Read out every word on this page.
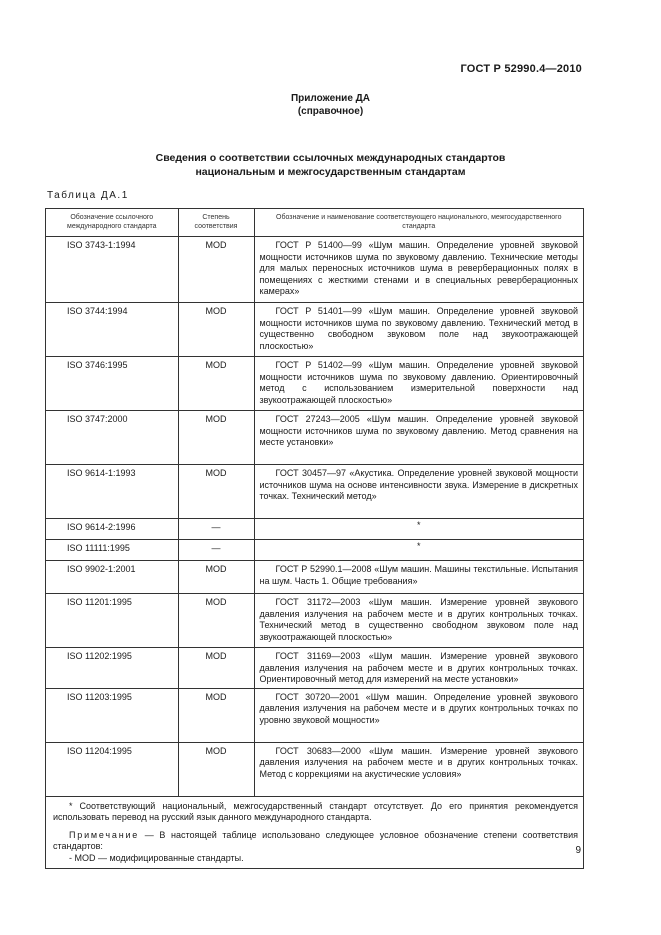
ГОСТ Р 52990.4—2010
Приложение ДА
(справочное)
Сведения о соответствии ссылочных международных стандартов
национальным и межгосударственным стандартам
Таблица ДА.1
Обозначение ссылочного международного стандарта	Степень соответствия	Обозначение и наименование соответствующего национального, межгосударственного стандарта
ISO 3743-1:1994	MOD	ГОСТ Р 51400—99 «Шум машин. Определение уровней звуковой мощности источников шума по звуковому давлению. Технические методы для малых переносных источников шума в реверберационных полях в помещениях с жесткими стенами и в специальных реверберационных камерах»
ISO 3744:1994	MOD	ГОСТ Р 51401—99 «Шум машин. Определение уровней звуковой мощности источников шума по звуковому давлению. Технический метод в существенно свободном звуковом поле над звукоотражающей плоскостью»
ISO 3746:1995	MOD	ГОСТ Р 51402—99 «Шум машин. Определение уровней звуковой мощности источников шума по звуковому давлению. Ориентировочный метод с использованием измерительной поверхности над звукоотражающей плоскостью»
ISO 3747:2000	MOD	ГОСТ 27243—2005 «Шум машин. Определение уровней звуковой мощности источников шума по звуковому давлению. Метод сравнения на месте установки»
ISO 9614-1:1993	MOD	ГОСТ 30457—97 «Акустика. Определение уровней звуковой мощности источников шума на основе интенсивности звука. Измерение в дискретных точках. Технический метод»
ISO 9614-2:1996	—	*
ISO 11111:1995	—	*
ISO 9902-1:2001	MOD	ГОСТ Р 52990.1—2008 «Шум машин. Машины текстильные. Испытания на шум. Часть 1. Общие требования»
ISO 11201:1995	MOD	ГОСТ 31172—2003 «Шум машин. Измерение уровней звукового давления излучения на рабочем месте и в других контрольных точках. Технический метод в существенно свободном звуковом поле над звукоотражающей плоскостью»
ISO 11202:1995	MOD	ГОСТ 31169—2003 «Шум машин. Измерение уровней звукового давления излучения на рабочем месте и в других контрольных точках. Ориентировочный метод для измерений на месте установки»
ISO 11203:1995	MOD	ГОСТ 30720—2001 «Шум машин. Определение уровней звукового давления излучения на рабочем месте и в других контрольных точках по уровню звуковой мощности»
ISO 11204:1995	MOD	ГОСТ 30683—2000 «Шум машин. Измерение уровней звукового давления излучения на рабочем месте и в других контрольных точках. Метод с коррекциями на акустические условия»

* Соответствующий национальный, межгосударственный стандарт отсутствует. До его принятия рекомендуется использовать перевод на русский язык данного международного стандарта.

Примечание — В настоящей таблице использовано следующее условное обозначение степени соответствия стандартов:

- MOD — модифицированные стандарты.

9
